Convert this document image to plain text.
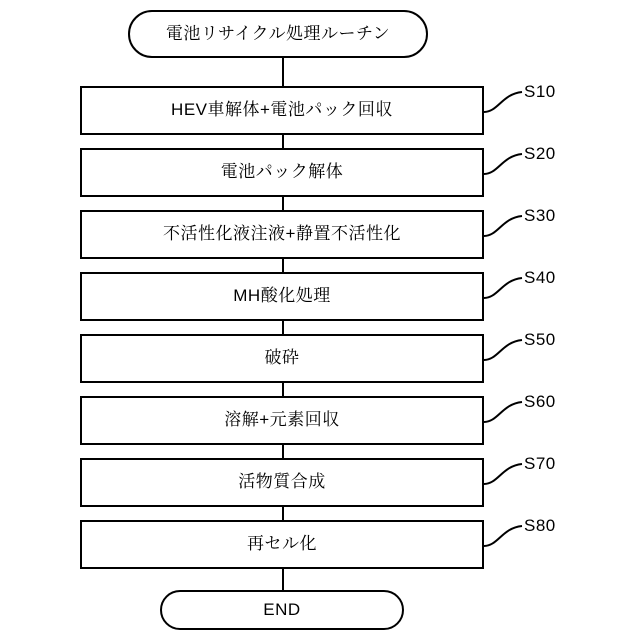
電池リサイクル処理ルーチン
HEV車解体+電池パック回収
電池パック解体
不活性化液注液+静置不活性化
MH酸化処理
破砕
溶解+元素回収
活物質合成
再セル化
END
S10
S20
S30
S40
S50
S60
S70
S80
